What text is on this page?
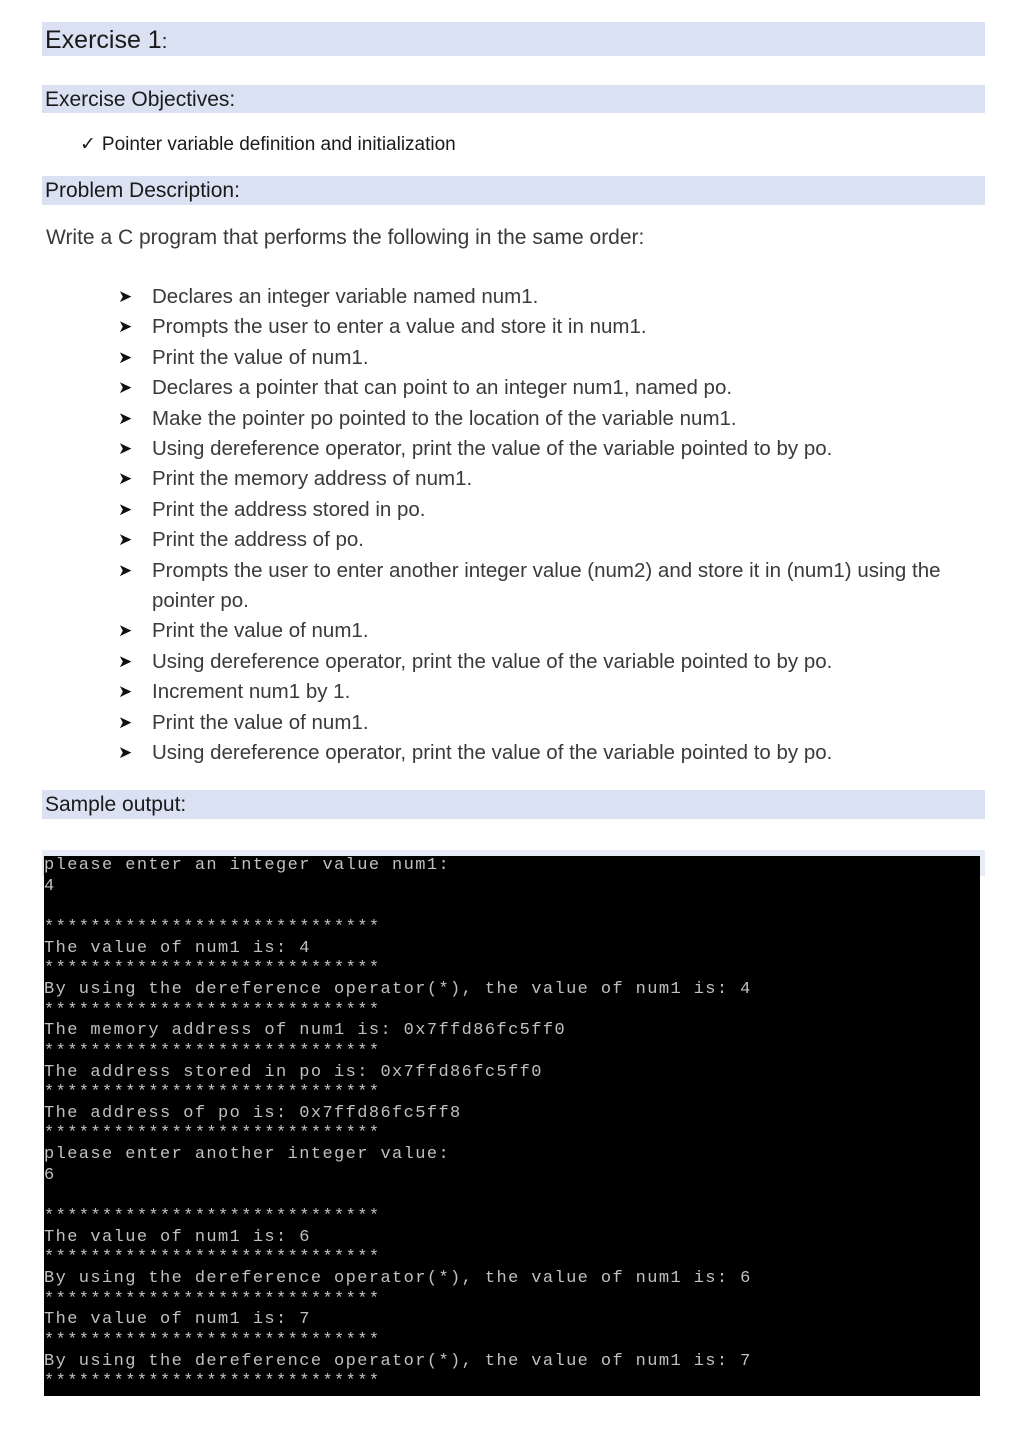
Exercise 1:
Exercise Objectives:
✓ Pointer variable definition and initialization
Problem Description:
Write a C program that performs the following in the same order:
➤ Declares an integer variable named num1.
➤ Prompts the user to enter a value and store it in num1.
➤ Print the value of num1.
➤ Declares a pointer that can point to an integer num1, named po.
➤ Make the pointer po pointed to the location of the variable num1.
➤ Using dereference operator, print the value of the variable pointed to by po.
➤ Print the memory address of num1.
➤ Print the address stored in po.
➤ Print the address of po.
➤ Prompts the user to enter another integer value (num2) and store it in (num1) using the pointer po.
➤ Print the value of num1.
➤ Using dereference operator, print the value of the variable pointed to by po.
➤ Increment num1 by 1.
➤ Print the value of num1.
➤ Using dereference operator, print the value of the variable pointed to by po.
Sample output:
please enter an integer value num1:
4
*****************************
The value of num1 is: 4
*****************************
By using the dereference operator(*), the value of num1 is: 4
*****************************
The memory address of num1 is: 0x7ffd86fc5ff0
*****************************
The address stored in po is: 0x7ffd86fc5ff0
*****************************
The address of po is: 0x7ffd86fc5ff8
*****************************
please enter another integer value:
6
*****************************
The value of num1 is: 6
*****************************
By using the dereference operator(*), the value of num1 is: 6
*****************************
The value of num1 is: 7
*****************************
By using the dereference operator(*), the value of num1 is: 7
*****************************
